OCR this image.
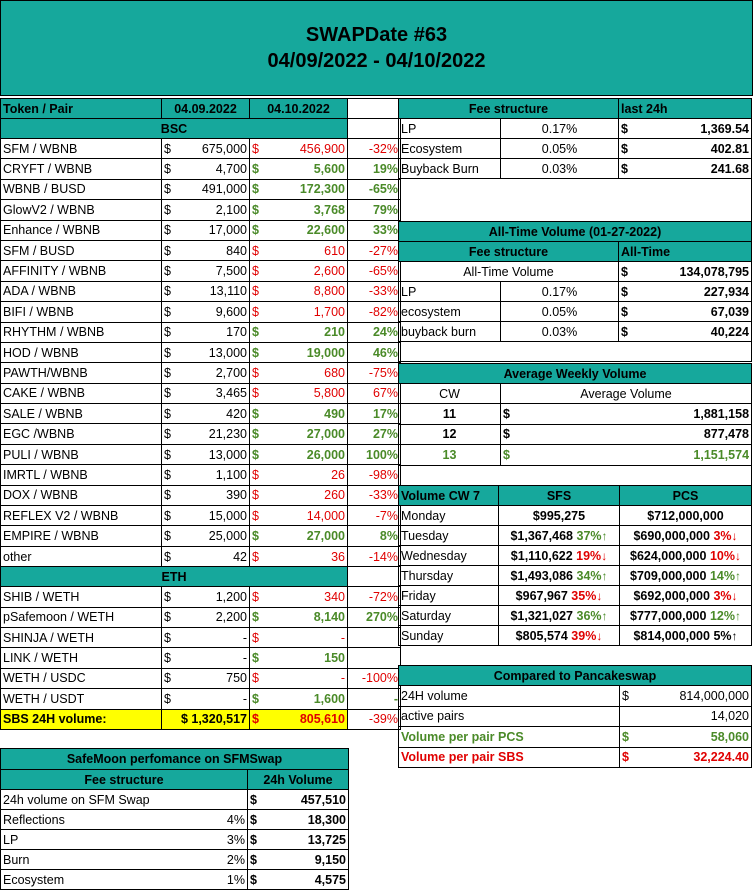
SWAPDate #63
04/09/2022 - 04/10/2022
Token / Pair	04.09.2022	04.10.2022	
BSC			
SFM / WBNB	$ 675,000	$ 456,900	-32%
CRYFT / WBNB	$ 4,700	$ 5,600	19%
WBNB / BUSD	$ 491,000	$ 172,300	-65%
GlowV2 / WBNB	$ 2,100	$ 3,768	79%
Enhance / WBNB	$ 17,000	$ 22,600	33%
SFM / BUSD	$ 840	$ 610	-27%
AFFINITY / WBNB	$ 7,500	$ 2,600	-65%
ADA / WBNB	$ 13,110	$ 8,800	-33%
BIFI / WBNB	$ 9,600	$ 1,700	-82%
RHYTHM / WBNB	$ 170	$ 210	24%
HOD / WBNB	$ 13,000	$ 19,000	46%
PAWTH/WBNB	$ 2,700	$ 680	-75%
CAKE / WBNB	$ 3,465	$ 5,800	67%
SALE / WBNB	$ 420	$ 490	17%
EGC /WBNB	$ 21,230	$ 27,000	27%
PULI / WBNB	$ 13,000	$ 26,000	100%
IMRTL / WBNB	$ 1,100	$ 26	-98%
DOX / WBNB	$ 390	$ 260	-33%
REFLEX V2 / WBNB	$ 15,000	$ 14,000	-7%
EMPIRE / WBNB	$ 25,000	$ 27,000	8%
other	$ 42	$ 36	-14%
ETH			
SHIB / WETH	$ 1,200	$ 340	-72%
pSafemoon / WETH	$ 2,200	$ 8,140	270%
SHINJA / WETH	$ -	$ -	

LINK / WETH	$ -	$ 150	

WETH / USDC	$ 750	$ -	-100%
WETH / USDT	$ -	$ 1,600	-
SBS 24H volume:	$ 1,320,517	$ 805,610	-39%
Fee structure		last 24h
LP	0.17%	$ 1,369.54

Ecosystem	0.05%	$ 402.81

Buyback Burn	0.03%	$ 241.68

All-Time Volume (01-27-2022)		
Fee structure		All-Time
All-Time Volume		$ 134,078,795

LP	0.17%	$ 227,934

ecosystem	0.05%	$ 67,039

buyback burn	0.03%	$ 40,224

Average Weekly Volume	
CW	Average Volume
11	$ 1,881,158

12	$ 877,478

13	$ 1,151,574

Volume CW 7	SFS	PCS
Monday	$995,275	$712,000,000
Tuesday	$1,367,468 37%↑	$690,000,000 3%↓
Wednesday	$1,110,622 19%↓	$624,000,000 10%↓
Thursday	$1,493,086 34%↑	$709,000,000 14%↑
Friday	$967,967 35%↓	$692,000,000 3%↓
Saturday	$1,321,027 36%↑	$777,000,000 12%↑
Sunday	$805,574 39%↓	$814,000,000 5%↑
Compared to Pancakeswap	
24H volume	$ 814,000,000

active pairs	14,020

Volume per pair PCS	$ 58,060

Volume per pair SBS	$ 32,224.40
SafeMoon perfomance on SFMSwap		
Fee structure		24h Volume
24h volume on SFM Swap		$ 457,510

Reflections	4%	$ 18,300

LP	3%	$ 13,725

Burn	2%	$ 9,150

Ecosystem	1%	$ 4,575
